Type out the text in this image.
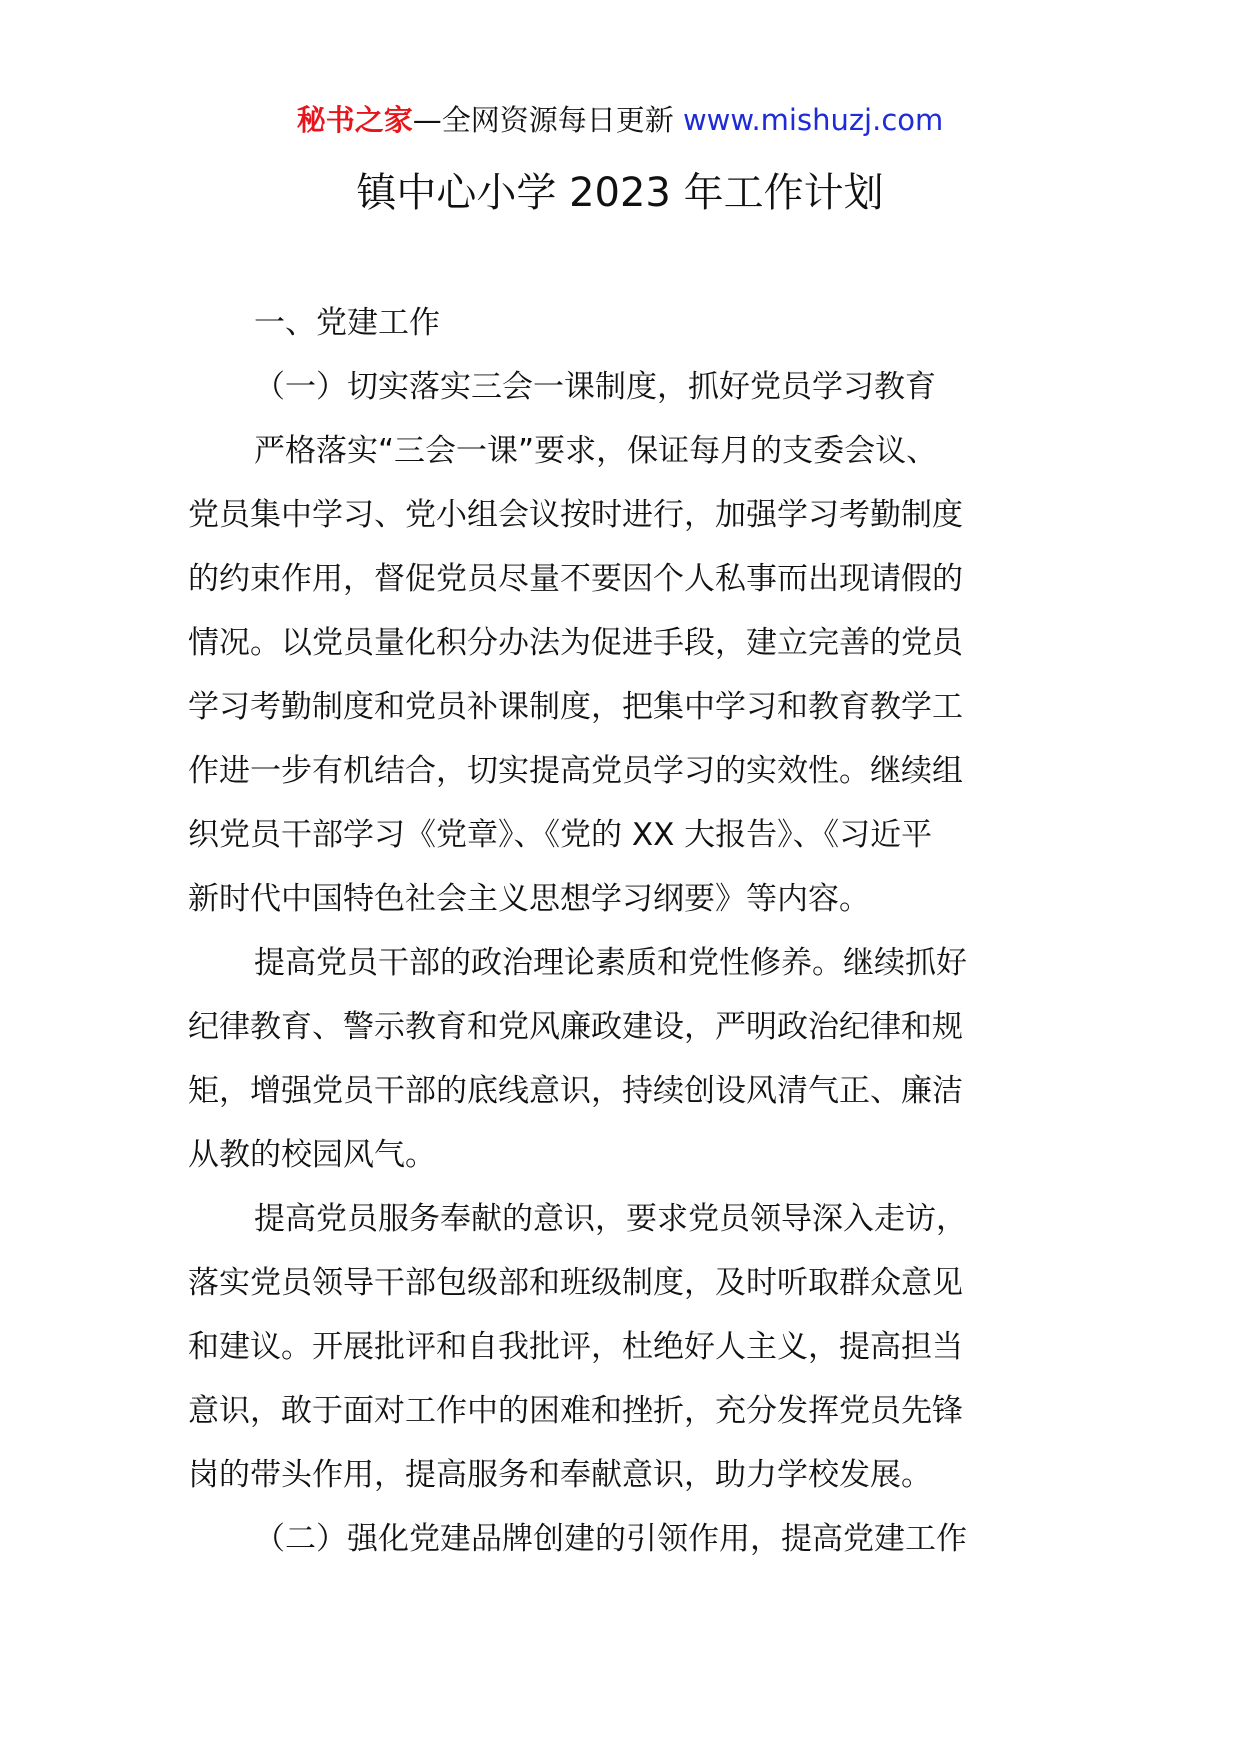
秘书之家—全网资源每日更新 www.mishuzj.com
镇中心小学 2023 年工作计划
一、党建工作
（一）切实落实三会一课制度，抓好党员学习教育
严格落实“三会一课”要求，保证每月的支委会议、
党员集中学习、党小组会议按时进行，加强学习考勤制度
的约束作用，督促党员尽量不要因个人私事而出现请假的
情况。以党员量化积分办法为促进手段，建立完善的党员
学习考勤制度和党员补课制度，把集中学习和教育教学工
作进一步有机结合，切实提高党员学习的实效性。继续组
织党员干部学习《党章》、《党的 XX 大报告》、《习近平
新时代中国特色社会主义思想学习纲要》等内容。
提高党员干部的政治理论素质和党性修养。继续抓好
纪律教育、警示教育和党风廉政建设，严明政治纪律和规
矩，增强党员干部的底线意识，持续创设风清气正、廉洁
从教的校园风气。
提高党员服务奉献的意识，要求党员领导深入走访，
落实党员领导干部包级部和班级制度，及时听取群众意见
和建议。开展批评和自我批评，杜绝好人主义，提高担当
意识，敢于面对工作中的困难和挫折，充分发挥党员先锋
岗的带头作用，提高服务和奉献意识，助力学校发展。
（二）强化党建品牌创建的引领作用，提高党建工作
